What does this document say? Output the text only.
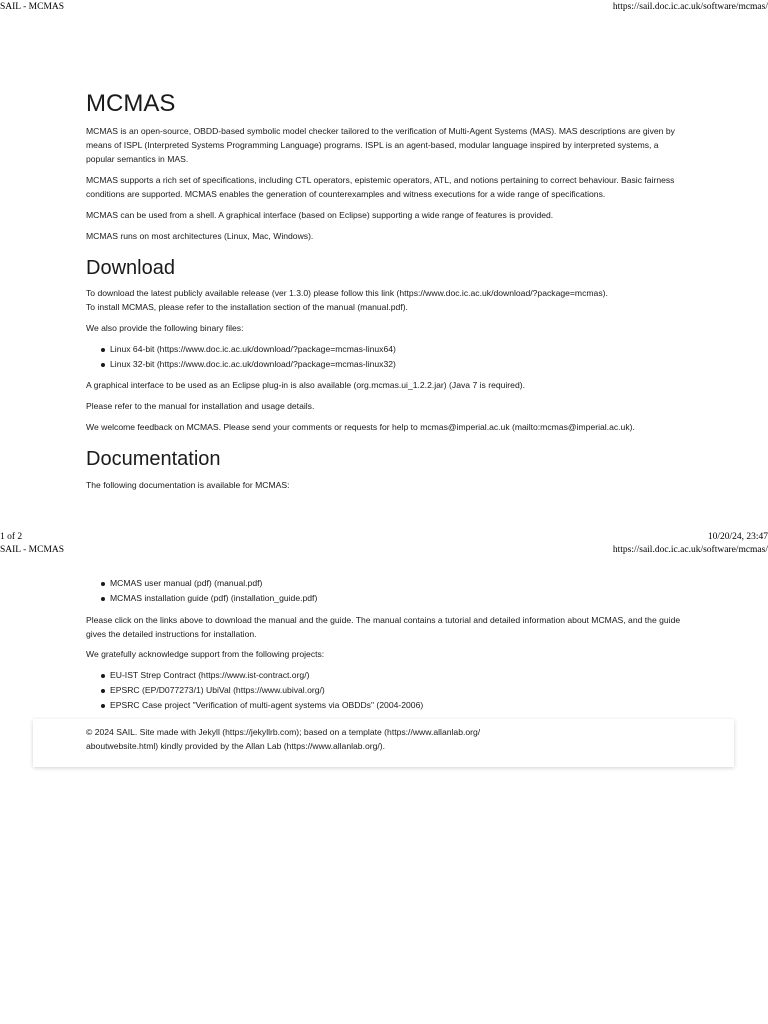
SAIL - MCMAS	https://sail.doc.ic.ac.uk/software/mcmas/
MCMAS

MCMAS is an open-source, OBDD-based symbolic model checker tailored to the verification of Multi-Agent Systems (MAS). MAS descriptions are given by means of ISPL (Interpreted Systems Programming Language) programs. ISPL is an agent-based, modular language inspired by interpreted systems, a popular semantics in MAS.

MCMAS supports a rich set of specifications, including CTL operators, epistemic operators, ATL, and notions pertaining to correct behaviour. Basic fairness conditions are supported. MCMAS enables the generation of counterexamples and witness executions for a wide range of specifications.

MCMAS can be used from a shell. A graphical interface (based on Eclipse) supporting a wide range of features is provided.

MCMAS runs on most architectures (Linux, Mac, Windows).

Download

To download the latest publicly available release (ver 1.3.0) please follow this link (https://www.doc.ic.ac.uk/download/?package=mcmas).

To install MCMAS, please refer to the installation section of the manual (manual.pdf).

We also provide the following binary files:

Linux 64-bit (https://www.doc.ic.ac.uk/download/?package=mcmas-linux64)
Linux 32-bit (https://www.doc.ic.ac.uk/download/?package=mcmas-linux32)

A graphical interface to be used as an Eclipse plug-in is also available (org.mcmas.ui_1.2.2.jar) (Java 7 is required).

Please refer to the manual for installation and usage details.

We welcome feedback on MCMAS. Please send your comments or requests for help to mcmas@imperial.ac.uk (mailto:mcmas@imperial.ac.uk).

Documentation

The following documentation is available for MCMAS:

1 of 2	10/20/24, 23:47
SAIL - MCMAS	https://sail.doc.ic.ac.uk/software/mcmas/
MCMAS user manual (pdf) (manual.pdf)
MCMAS installation guide (pdf) (installation_guide.pdf)

Please click on the links above to download the manual and the guide. The manual contains a tutorial and detailed information about MCMAS, and the guide gives the detailed instructions for installation.

We gratefully acknowledge support from the following projects:

EU-IST Strep Contract (https://www.ist-contract.org/)
EPSRC (EP/D077273/1) UbiVal (https://www.ubival.org/)
EPSRC Case project "Verification of multi-agent systems via OBDDs" (2004-2006)
© 2024 SAIL. Site made with Jekyll (https://jekyllrb.com); based on a template (https://www.allanlab.org/
aboutwebsite.html) kindly provided by the Allan Lab (https://www.allanlab.org/).
